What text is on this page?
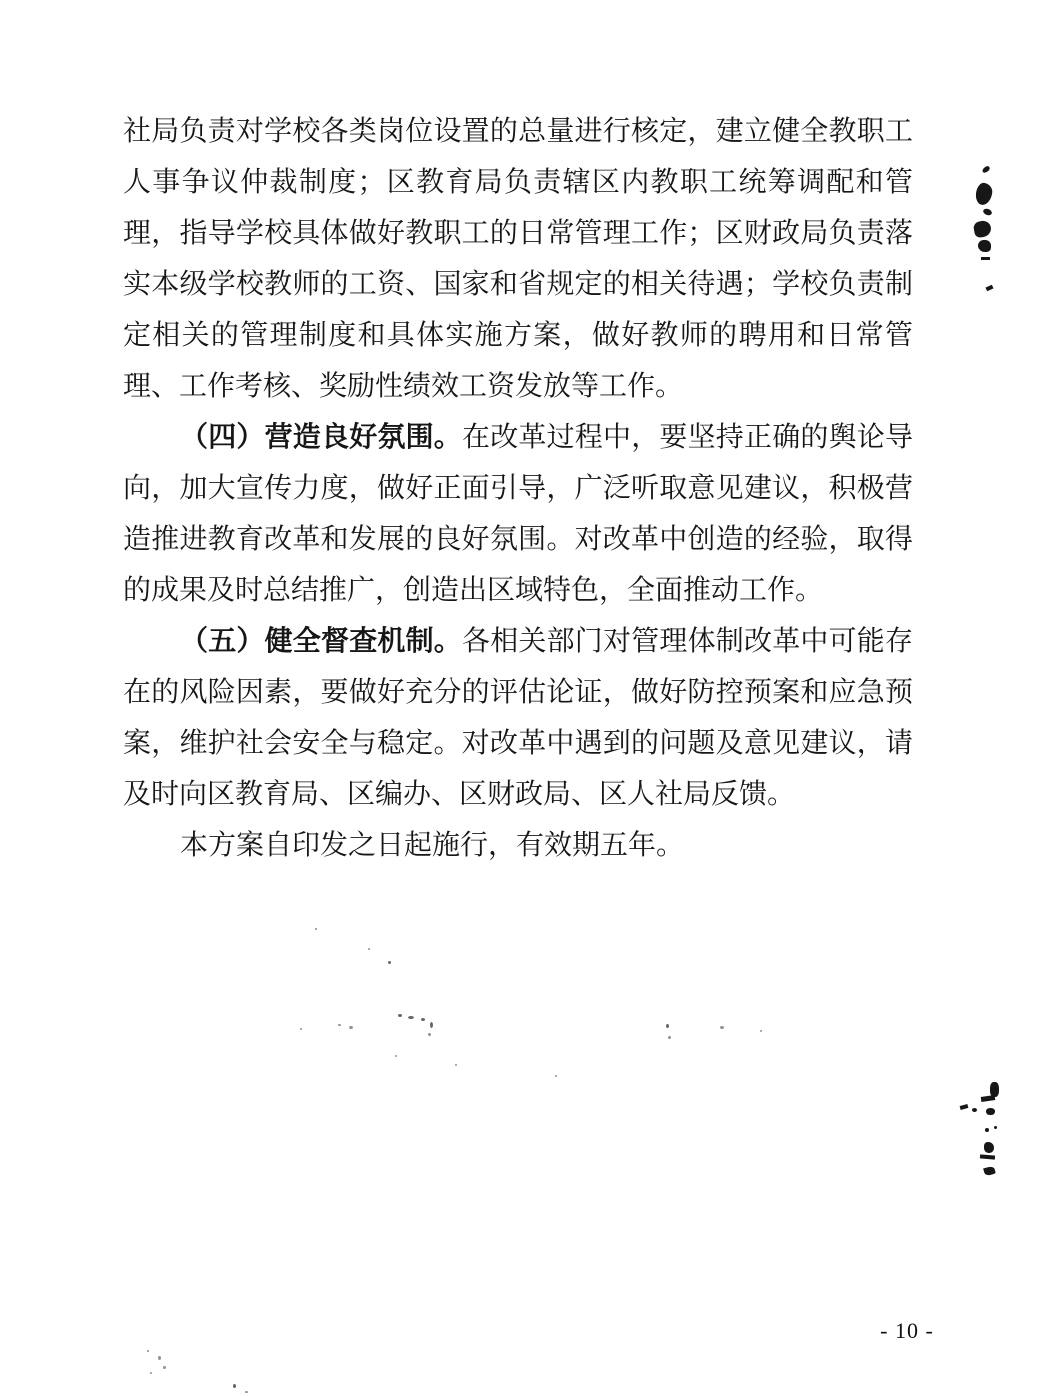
社局负责对学校各类岗位设置的总量进行核定，建立健全教职工
人事争议仲裁制度；区教育局负责辖区内教职工统筹调配和管
理，指导学校具体做好教职工的日常管理工作；区财政局负责落
实本级学校教师的工资、国家和省规定的相关待遇；学校负责制
定相关的管理制度和具体实施方案，做好教师的聘用和日常管
理、工作考核、奖励性绩效工资发放等工作。
（四）营造良好氛围。在改革过程中，要坚持正确的舆论导
向，加大宣传力度，做好正面引导，广泛听取意见建议，积极营
造推进教育改革和发展的良好氛围。对改革中创造的经验，取得
的成果及时总结推广，创造出区域特色，全面推动工作。
（五）健全督查机制。各相关部门对管理体制改革中可能存
在的风险因素，要做好充分的评估论证，做好防控预案和应急预
案，维护社会安全与稳定。对改革中遇到的问题及意见建议，请
及时向区教育局、区编办、区财政局、区人社局反馈。
本方案自印发之日起施行，有效期五年。
- 10 -
